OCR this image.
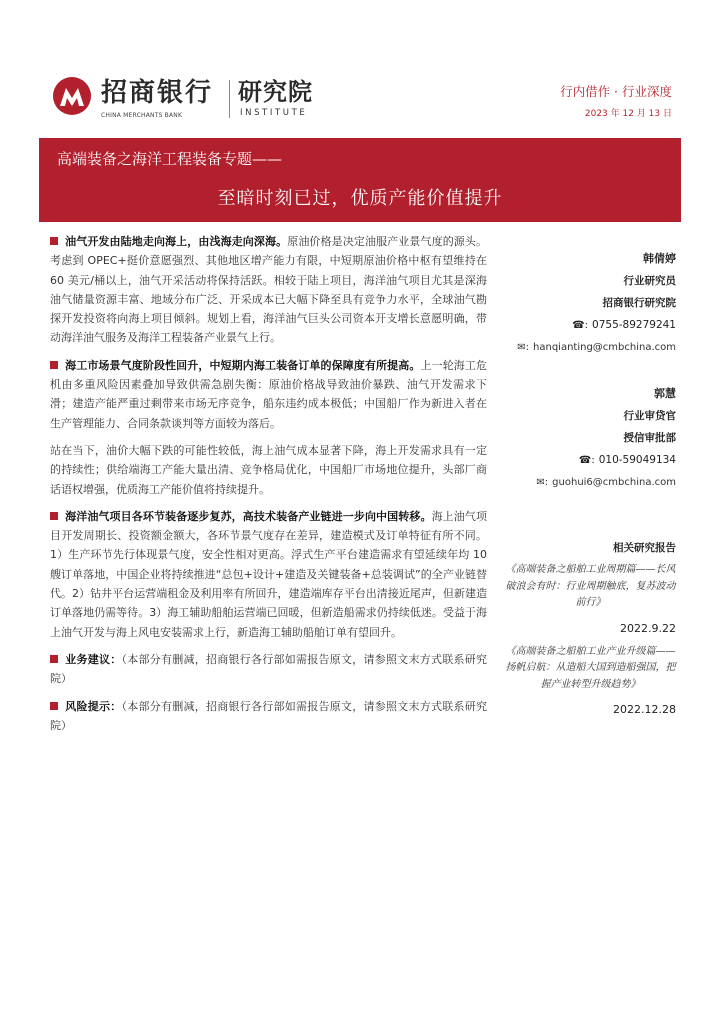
招商银行
CHINA MERCHANTS BANK
研究院
INSTITUTE
行内借作 · 行业深度
2023 年 12 月 13 日
高端装备之海洋工程装备专题——
至暗时刻已过，优质产能价值提升

油气开发由陆地走向海上，由浅海走向深海。原油价格是决定油服产业景气度的源头。考虑到 OPEC+挺价意愿强烈、其他地区增产能力有限，中短期原油价格中枢有望维持在 60 美元/桶以上，油气开采活动将保持活跃。相较于陆上项目，海洋油气项目尤其是深海油气储量资源丰富、地域分布广泛、开采成本已大幅下降至具有竞争力水平，全球油气勘探开发投资将向海上项目倾斜。规划上看，海洋油气巨头公司资本开支增长意愿明确，带动海洋油气服务及海洋工程装备产业景气上行。

海工市场景气度阶段性回升，中短期内海工装备订单的保障度有所提高。上一轮海工危机由多重风险因素叠加导致供需急剧失衡：原油价格战导致油价暴跌、油气开发需求下滑；建造产能严重过剩带来市场无序竞争，船东违约成本极低；中国船厂作为新进入者在生产管理能力、合同条款谈判等方面较为落后。

站在当下，油价大幅下跌的可能性较低，海上油气成本显著下降，海上开发需求具有一定的持续性；供给端海工产能大量出清、竞争格局优化，中国船厂市场地位提升，头部厂商话语权增强，优质海工产能价值将持续提升。

海洋油气项目各环节装备逐步复苏，高技术装备产业链进一步向中国转移。海上油气项目开发周期长、投资额金额大，各环节景气度存在差异，建造模式及订单特征有所不同。1）生产环节先行体现景气度，安全性相对更高。浮式生产平台建造需求有望延续年均 10 艘订单落地，中国企业将持续推进“总包+设计+建造及关键装备+总装调试”的全产业链替代。2）钻井平台运营端租金及利用率有所回升，建造端库存平台出清接近尾声，但新建造订单落地仍需等待。3）海工辅助船舶运营端已回暖，但新造船需求仍持续低迷。受益于海上油气开发与海上风电安装需求上行，新造海工辅助船舶订单有望回升。

业务建议：（本部分有删减，招商银行各行部如需报告原文，请参照文末方式联系研究院）

风险提示：（本部分有删减，招商银行各行部如需报告原文，请参照文末方式联系研究院）

韩倩婷
行业研究员
招商银行研究院
☎: 0755-89279241
✉: hanqianting@cmbchina.com
郭慧
行业审贷官
授信审批部
☎: 010-59049134
✉: guohui6@cmbchina.com
相关研究报告
《高端装备之船舶工业周期篇——长风破浪会有时：行业周期触底，复苏波动前行》
2022.9.22
《高端装备之船舶工业产业升级篇——扬帆启航：从造船大国到造船强国，把握产业转型升级趋势》
2022.12.28
